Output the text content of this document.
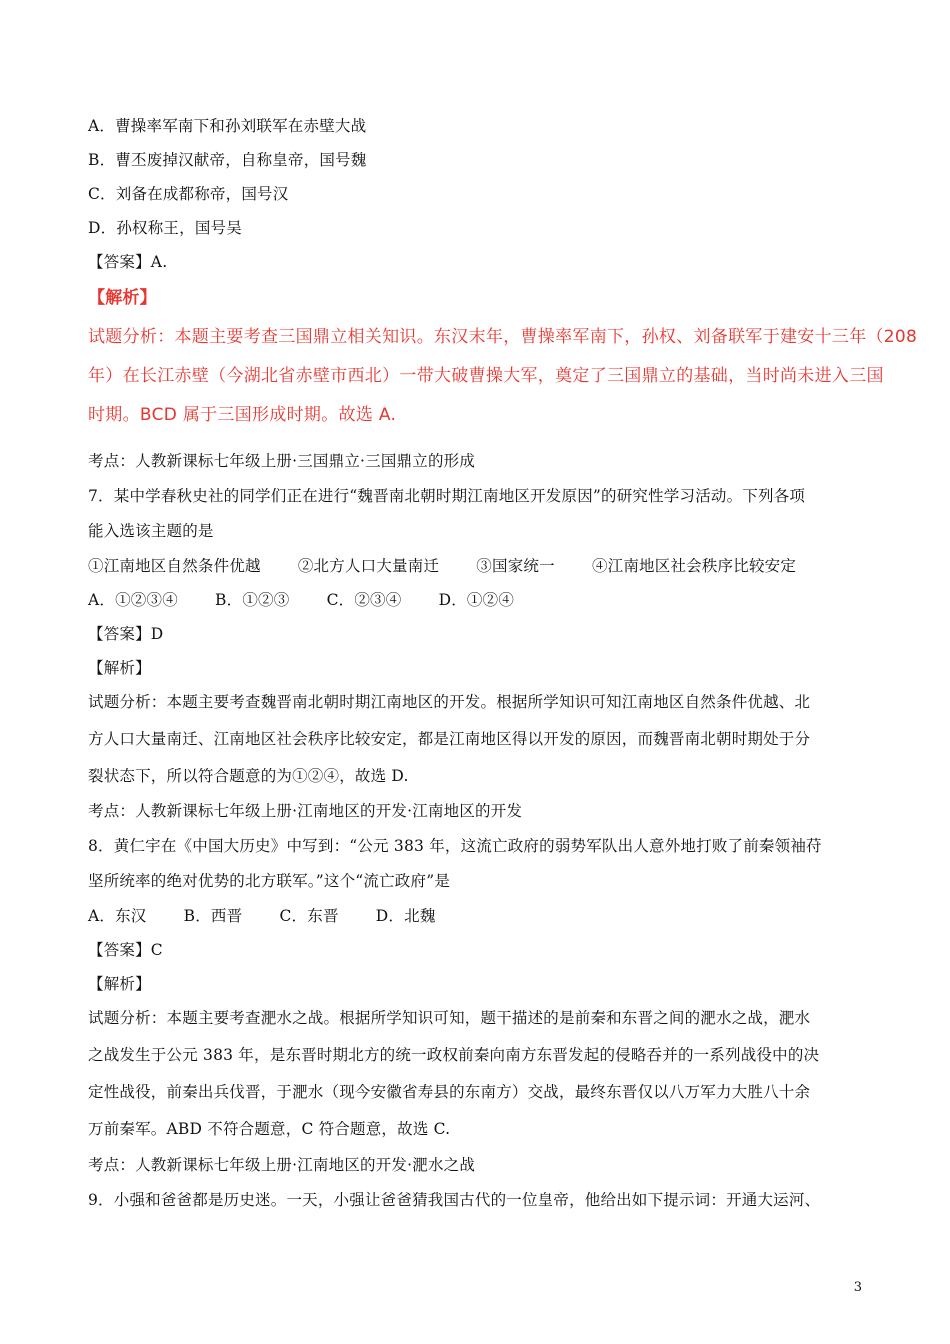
A．曹操率军南下和孙刘联军在赤壁大战
B．曹丕废掉汉献帝，自称皇帝，国号魏
C．刘备在成都称帝，国号汉
D．孙权称王，国号吴
【答案】A.
【解析】
试题分析：本题主要考查三国鼎立相关知识。东汉末年，曹操率军南下，孙权、刘备联军于建安十三年（208
年）在长江赤壁（今湖北省赤壁市西北）一带大破曹操大军，奠定了三国鼎立的基础，当时尚未进入三国
时期。BCD 属于三国形成时期。故选 A.
考点：人教新课标七年级上册·三国鼎立·三国鼎立的形成
7．某中学春秋史社的同学们正在进行“魏晋南北朝时期江南地区开发原因”的研究性学习活动。下列各项
能入选该主题的是
①江南地区自然条件优越 ②北方人口大量南迁 ③国家统一 ④江南地区社会秩序比较安定
A．①②③④ B．①②③ C．②③④ D．①②④
【答案】D
【解析】
试题分析：本题主要考查魏晋南北朝时期江南地区的开发。根据所学知识可知江南地区自然条件优越、北
方人口大量南迁、江南地区社会秩序比较安定，都是江南地区得以开发的原因，而魏晋南北朝时期处于分
裂状态下，所以符合题意的为①②④，故选 D.
考点：人教新课标七年级上册·江南地区的开发·江南地区的开发
8．黄仁宇在《中国大历史》中写到：“公元 383 年，这流亡政府的弱势军队出人意外地打败了前秦领袖苻
坚所统率的绝对优势的北方联军。”这个“流亡政府”是
A．东汉 B．西晋 C．东晋 D．北魏
【答案】C
【解析】
试题分析：本题主要考查淝水之战。根据所学知识可知，题干描述的是前秦和东晋之间的淝水之战，淝水
之战发生于公元 383 年，是东晋时期北方的统一政权前秦向南方东晋发起的侵略吞并的一系列战役中的决
定性战役，前秦出兵伐晋，于淝水（现今安徽省寿县的东南方）交战，最终东晋仅以八万军力大胜八十余
万前秦军。ABD 不符合题意，C 符合题意，故选 C.
考点：人教新课标七年级上册·江南地区的开发·淝水之战
9．小强和爸爸都是历史迷。一天，小强让爸爸猜我国古代的一位皇帝，他给出如下提示词：开通大运河、
3
